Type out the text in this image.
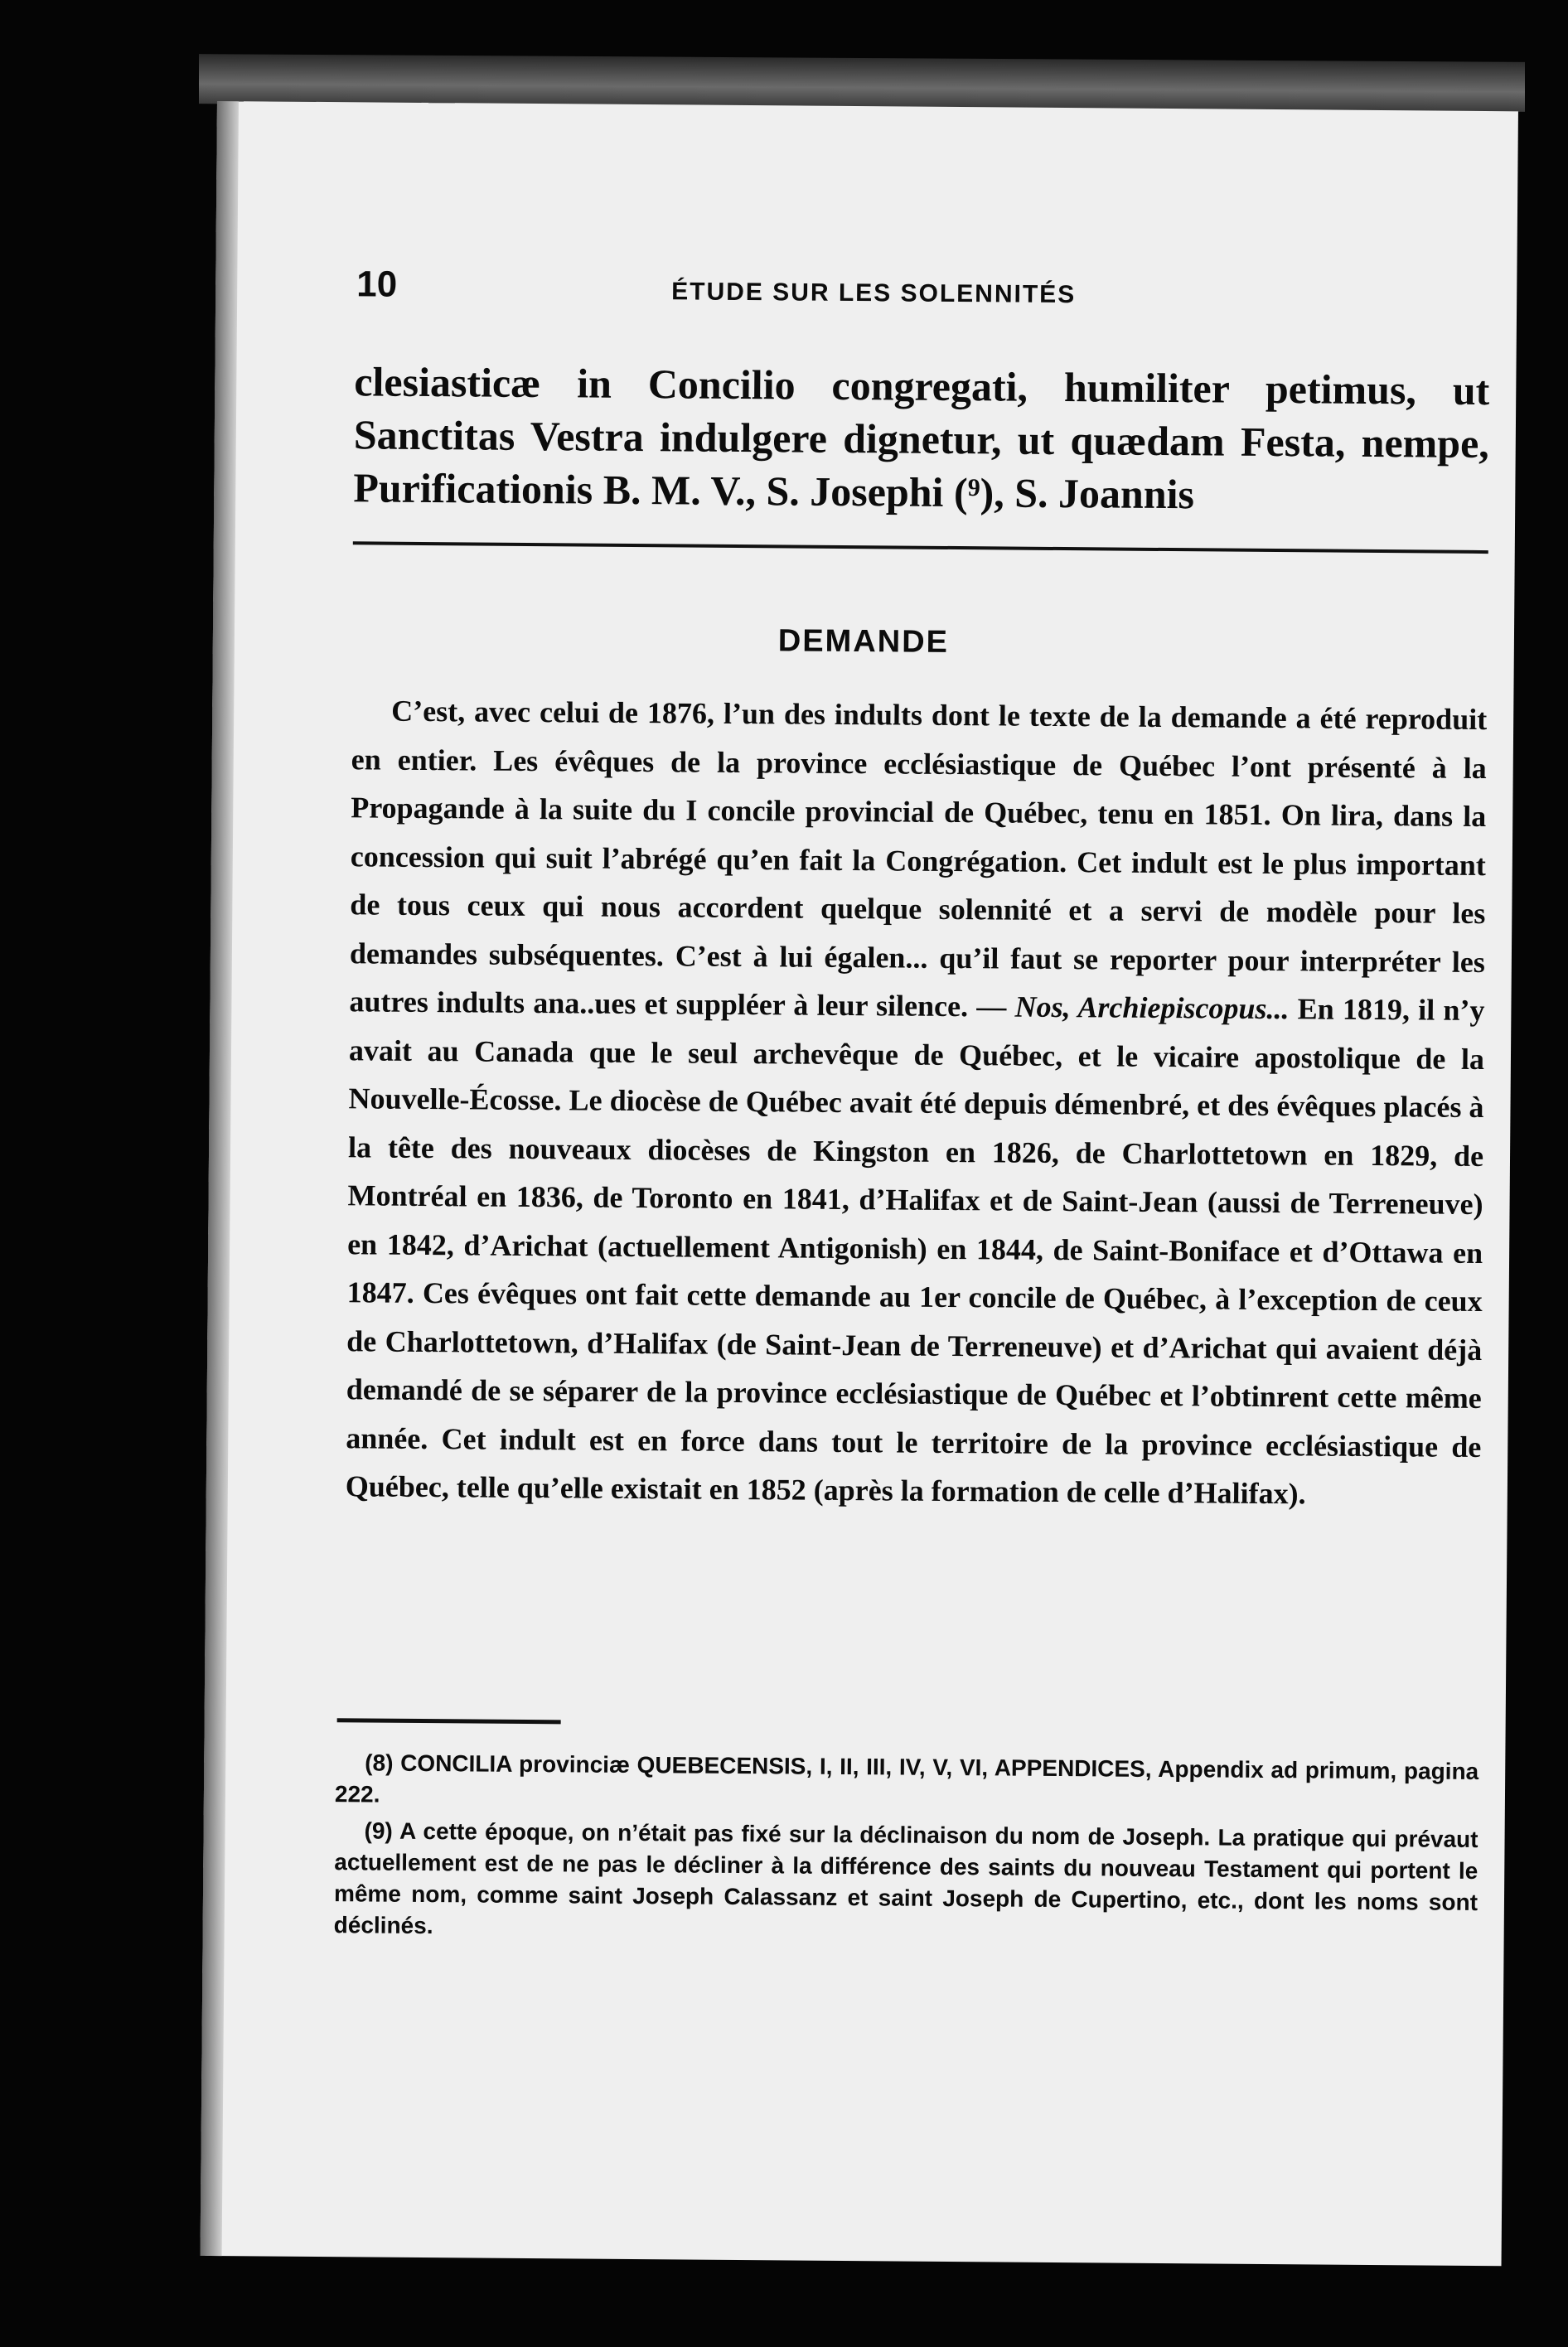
10	ÉTUDE SUR LES SOLENNITÉS

clesiasticæ in Concilio congregati, humiliter petimus, ut Sanctitas Vestra indulgere dignetur, ut quædam Festa, nempe, Purificationis B. M. V., S. Josephi (⁹), S. Joannis

DEMANDE

C’est, avec celui de 1876, l’un des indults dont le texte de la demande a été reproduit en entier. Les évêques de la province ecclésiastique de Québec l’ont présenté à la Propagande à la suite du I concile provincial de Québec, tenu en 1851. On lira, dans la concession qui suit l’abrégé qu’en fait la Congrégation. Cet indult est le plus important de tous ceux qui nous accordent quelque solennité et a servi de modèle pour les demandes subséquentes. C’est à lui égalen... qu’il faut se reporter pour interpréter les autres indults ana..ues et suppléer à leur silence. — Nos, Archiepiscopus... En 1819, il n’y avait au Canada que le seul archevêque de Québec, et le vicaire apostolique de la Nouvelle-Écosse. Le diocèse de Québec avait été depuis démenbré, et des évêques placés à la tête des nouveaux diocèses de Kingston en 1826, de Charlottetown en 1829, de Montréal en 1836, de Toronto en 1841, d’Halifax et de Saint-Jean (aussi de Terreneuve) en 1842, d’Arichat (actuellement Antigonish) en 1844, de Saint-Boniface et d’Ottawa en 1847. Ces évêques ont fait cette demande au 1er concile de Québec, à l’exception de ceux de Charlottetown, d’Halifax (de Saint-Jean de Terreneuve) et d’Arichat qui avaient déjà demandé de se séparer de la province ecclésiastique de Québec et l’obtinrent cette même année. Cet indult est en force dans tout le territoire de la province ecclésiastique de Québec, telle qu’elle existait en 1852 (après la formation de celle d’Halifax).

(8) CONCILIA provinciæ QUEBECENSIS, I, II, III, IV, V, VI, APPENDICES, Appendix ad primum, pagina 222.

(9) A cette époque, on n’était pas fixé sur la déclinaison du nom de Joseph. La pratique qui prévaut actuellement est de ne pas le décliner à la différence des saints du nouveau Testament qui portent le même nom, comme saint Joseph Calassanz et saint Joseph de Cupertino, etc., dont les noms sont déclinés.
